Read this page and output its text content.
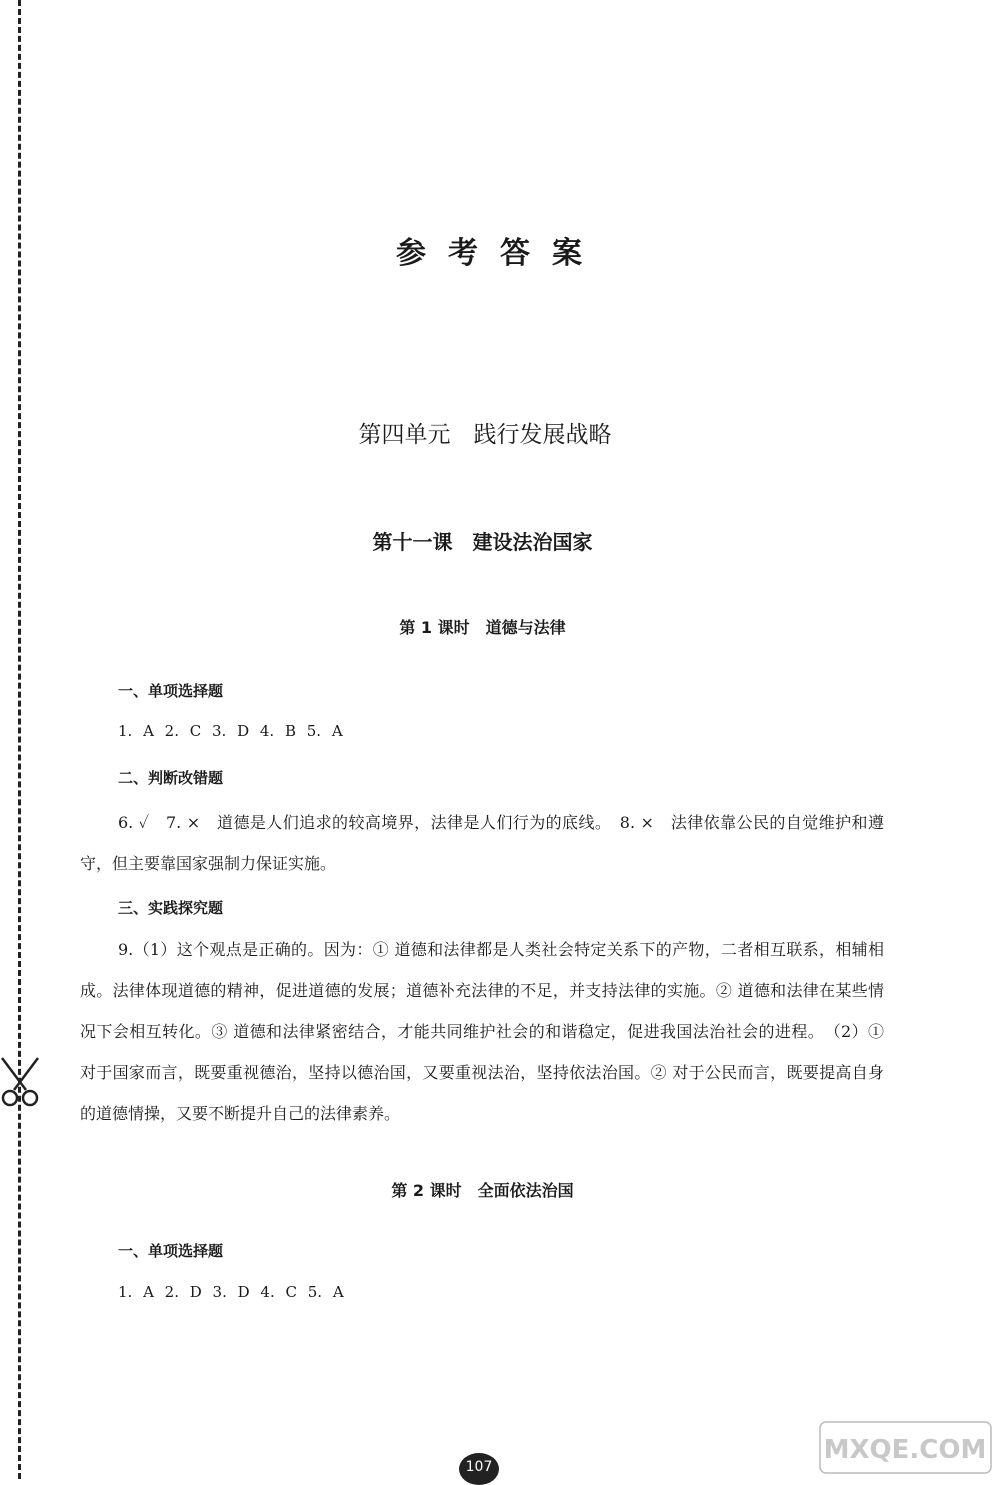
参考答案
第四单元　践行发展战略
第十一课　建设法治国家
第 1 课时　道德与法律
一、单项选择题
1. A 2. C 3. D 4. B 5. A
二、判断改错题
6. ✓　7. ×　道德是人们追求的较高境界，法律是人们行为的底线。　8. ×　法律依靠公民的自觉维护和遵守，但主要靠国家强制力保证实施。
三、实践探究题
9.（1）这个观点是正确的。因为：① 道德和法律都是人类社会特定关系下的产物，二者相互联系，相辅相成。法律体现道德的精神，促进道德的发展；道德补充法律的不足，并支持法律的实施。② 道德和法律在某些情况下会相互转化。③ 道德和法律紧密结合，才能共同维护社会的和谐稳定，促进我国法治社会的进程。　（2）① 对于国家而言，既要重视德治，坚持以德治国，又要重视法治，坚持依法治国。② 对于公民而言，既要提高自身的道德情操，又要不断提升自己的法律素养。
第 2 课时　全面依法治国
一、单项选择题
1. A 2. D 3. D 4. C 5. A
107
MXQE.COM
